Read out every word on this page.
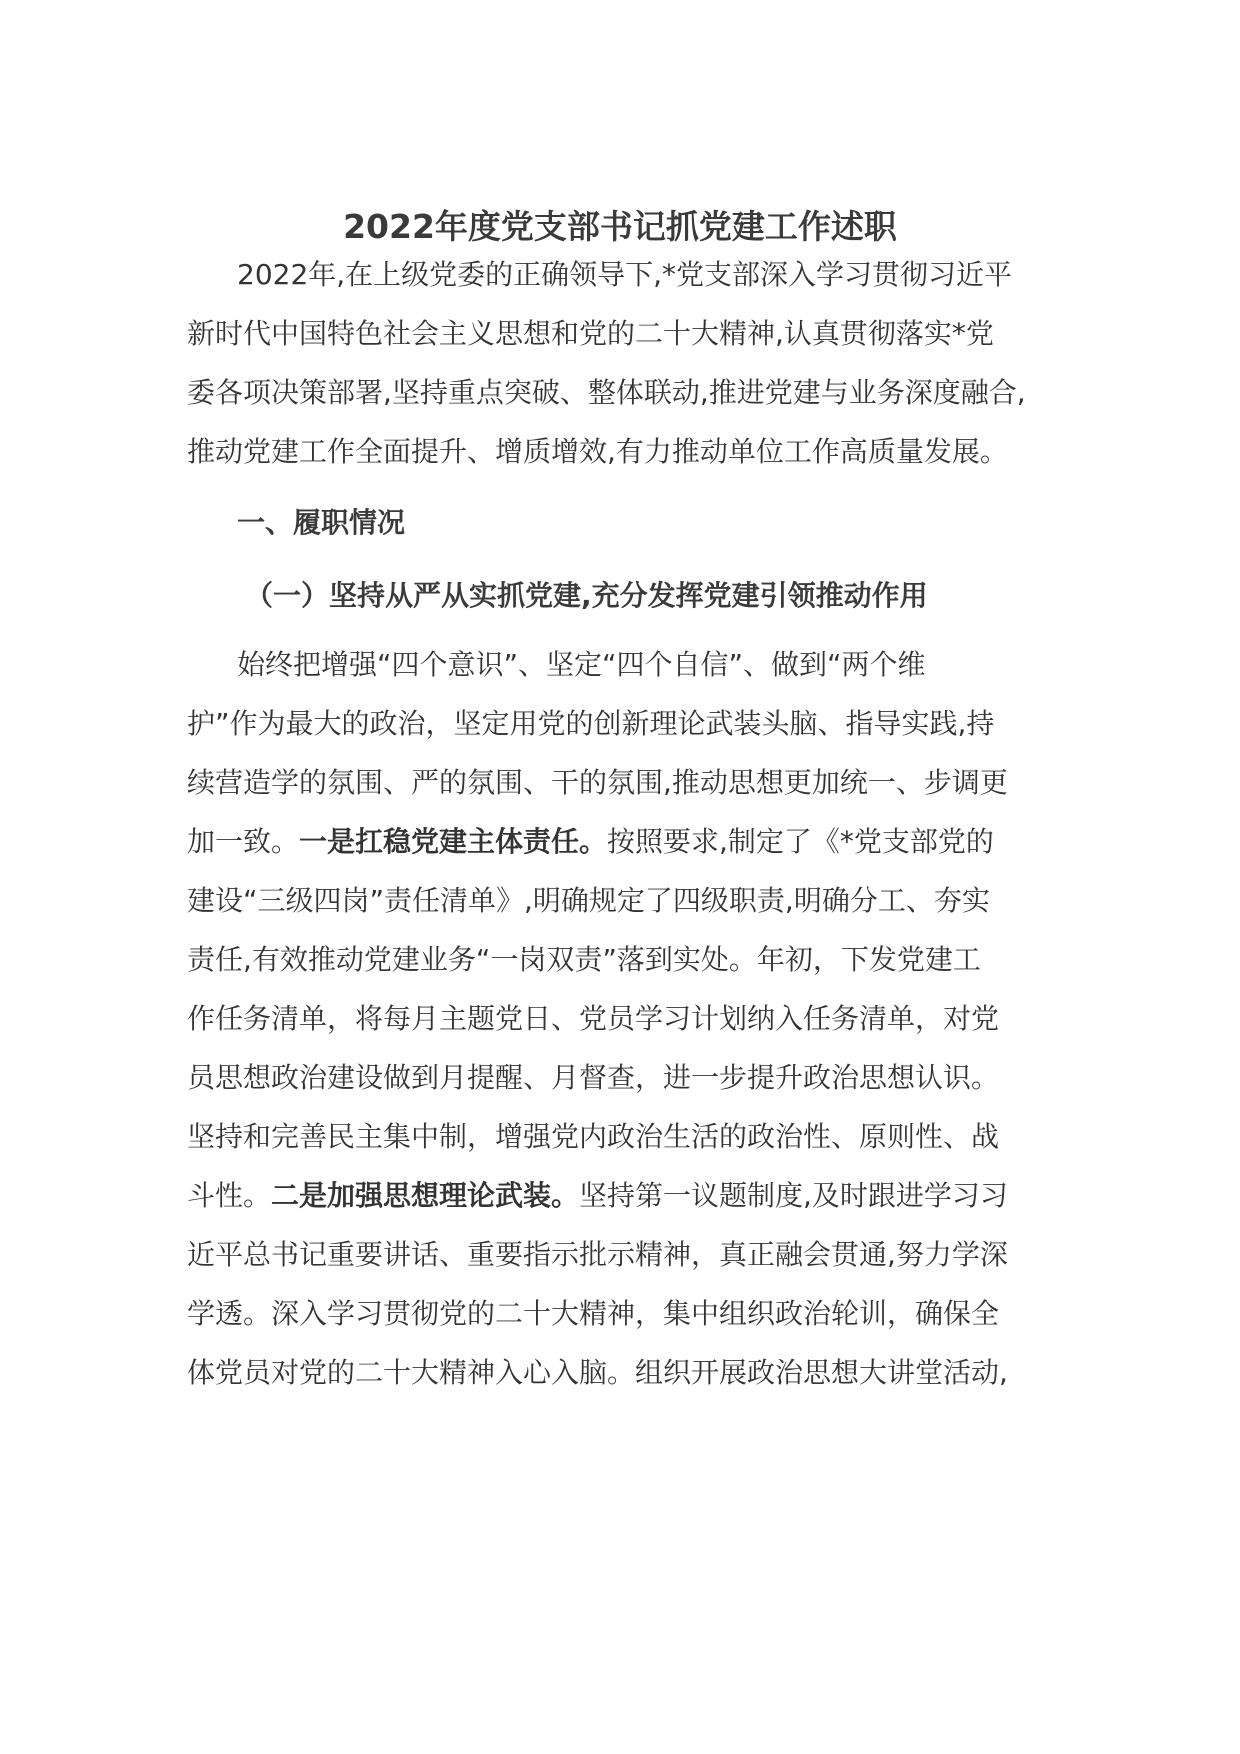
2022年度党支部书记抓党建工作述职

2022年,在上级党委的正确领导下,*党支部深入学习贯彻习近平

新时代中国特色社会主义思想和党的二十大精神,认真贯彻落实*党

委各项决策部署,坚持重点突破、整体联动,推进党建与业务深度融合,

推动党建工作全面提升、增质增效,有力推动单位工作高质量发展。

一、履职情况

（一）坚持从严从实抓党建,充分发挥党建引领推动作用

始终把增强“四个意识”、坚定“四个自信”、做到“两个维

护”作为最大的政治，坚定用党的创新理论武装头脑、指导实践,持

续营造学的氛围、严的氛围、干的氛围,推动思想更加统一、步调更

加一致。一是扛稳党建主体责任。按照要求,制定了《*党支部党的

建设“三级四岗”责任清单》,明确规定了四级职责,明确分工、夯实

责任,有效推动党建业务“一岗双责”落到实处。年初，下发党建工

作任务清单，将每月主题党日、党员学习计划纳入任务清单，对党

员思想政治建设做到月提醒、月督查，进一步提升政治思想认识。

坚持和完善民主集中制，增强党内政治生活的政治性、原则性、战

斗性。二是加强思想理论武装。坚持第一议题制度,及时跟进学习习

近平总书记重要讲话、重要指示批示精神，真正融会贯通,努力学深

学透。深入学习贯彻党的二十大精神，集中组织政治轮训，确保全

体党员对党的二十大精神入心入脑。组织开展政治思想大讲堂活动,
